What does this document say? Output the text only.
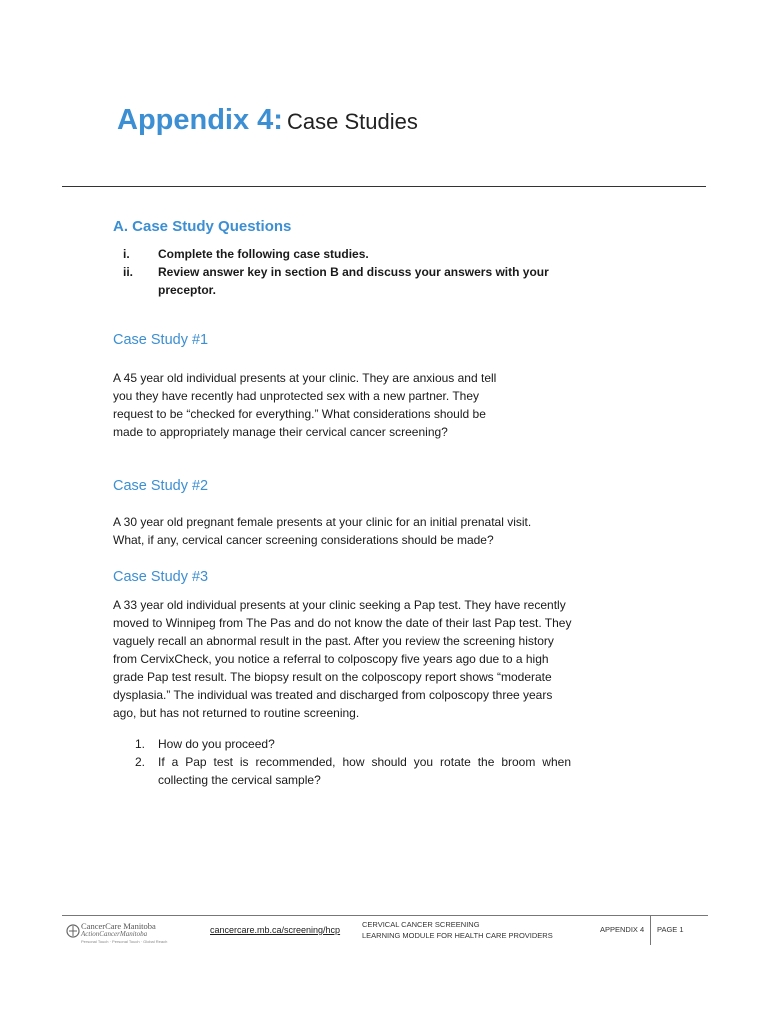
Appendix 4: Case Studies
A. Case Study Questions
i.	Complete the following case studies.
ii.	Review answer key in section B and discuss your answers with your preceptor.
Case Study #1

A 45 year old individual presents at your clinic. They are anxious and tell you they have recently had unprotected sex with a new partner. They request to be “checked for everything.” What considerations should be made to appropriately manage their cervical cancer screening?

Case Study #2

A 30 year old pregnant female presents at your clinic for an initial prenatal visit. What, if any, cervical cancer screening considerations should be made?

Case Study #3

A 33 year old individual presents at your clinic seeking a Pap test. They have recently moved to Winnipeg from The Pas and do not know the date of their last Pap test. They vaguely recall an abnormal result in the past. After you review the screening history from CervixCheck, you notice a referral to colposcopy five years ago due to a high grade Pap test result. The biopsy result on the colposcopy report shows “moderate dysplasia.” The individual was treated and discharged from colposcopy three years ago, but has not returned to routine screening.

1. How do you proceed?
2. If a Pap test is recommended, how should you rotate the broom when collecting the cervical sample?
CancerCare Manitoba
ActionCancerManitoba
Personal Touch · Personal Touch · Global Reach
cancercare.mb.ca/screening/hcp
CERVICAL CANCER SCREENING
LEARNING MODULE FOR HEALTH CARE PROVIDERS
APPENDIX 4 PAGE 1
